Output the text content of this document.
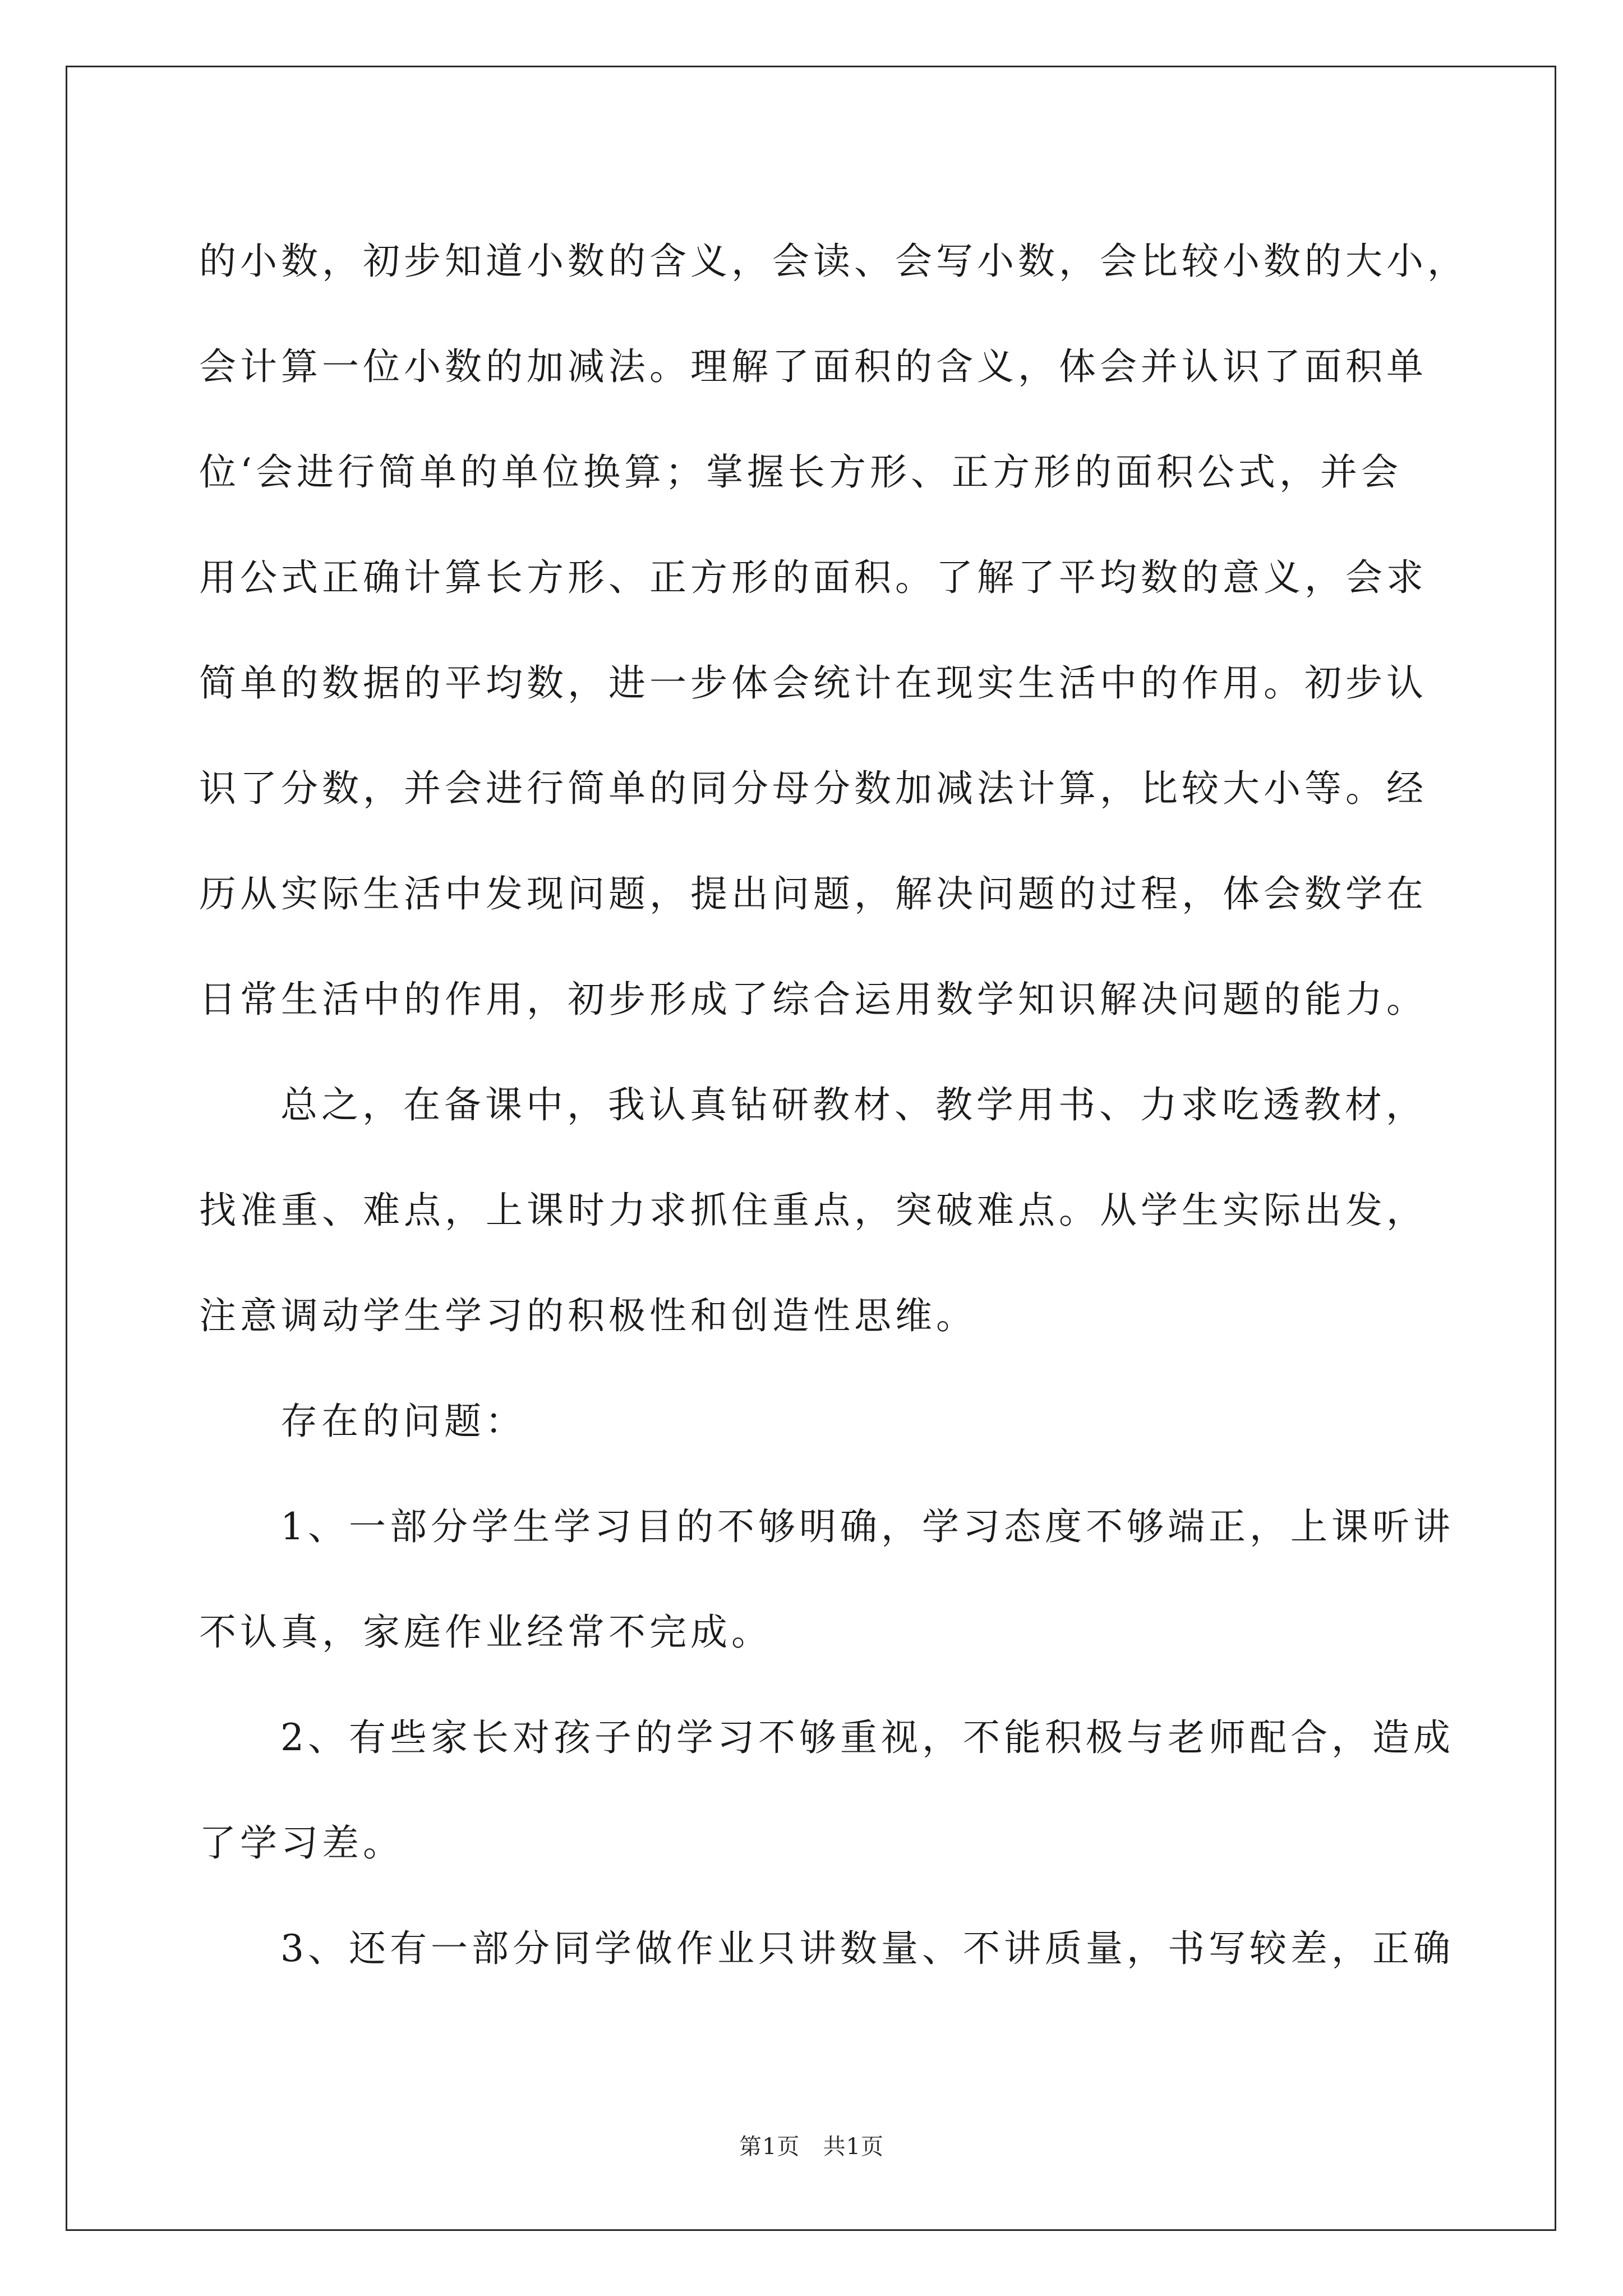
的小数，初步知道小数的含义，会读、会写小数，会比较小数的大小，
会计算一位小数的加减法。理解了面积的含义，体会并认识了面积单
位‘会进行简单的单位换算；掌握长方形、正方形的面积公式，并会
用公式正确计算长方形、正方形的面积。了解了平均数的意义，会求
简单的数据的平均数，进一步体会统计在现实生活中的作用。初步认
识了分数，并会进行简单的同分母分数加减法计算，比较大小等。经
历从实际生活中发现问题，提出问题，解决问题的过程，体会数学在
日常生活中的作用，初步形成了综合运用数学知识解决问题的能力。
总之，在备课中，我认真钻研教材、教学用书、力求吃透教材，
找准重、难点，上课时力求抓住重点，突破难点。从学生实际出发，
注意调动学生学习的积极性和创造性思维。
存在的问题：
1、一部分学生学习目的不够明确，学习态度不够端正，上课听讲
不认真，家庭作业经常不完成。
2、有些家长对孩子的学习不够重视，不能积极与老师配合，造成
了学习差。
3、还有一部分同学做作业只讲数量、不讲质量，书写较差，正确
第1页 共1页
